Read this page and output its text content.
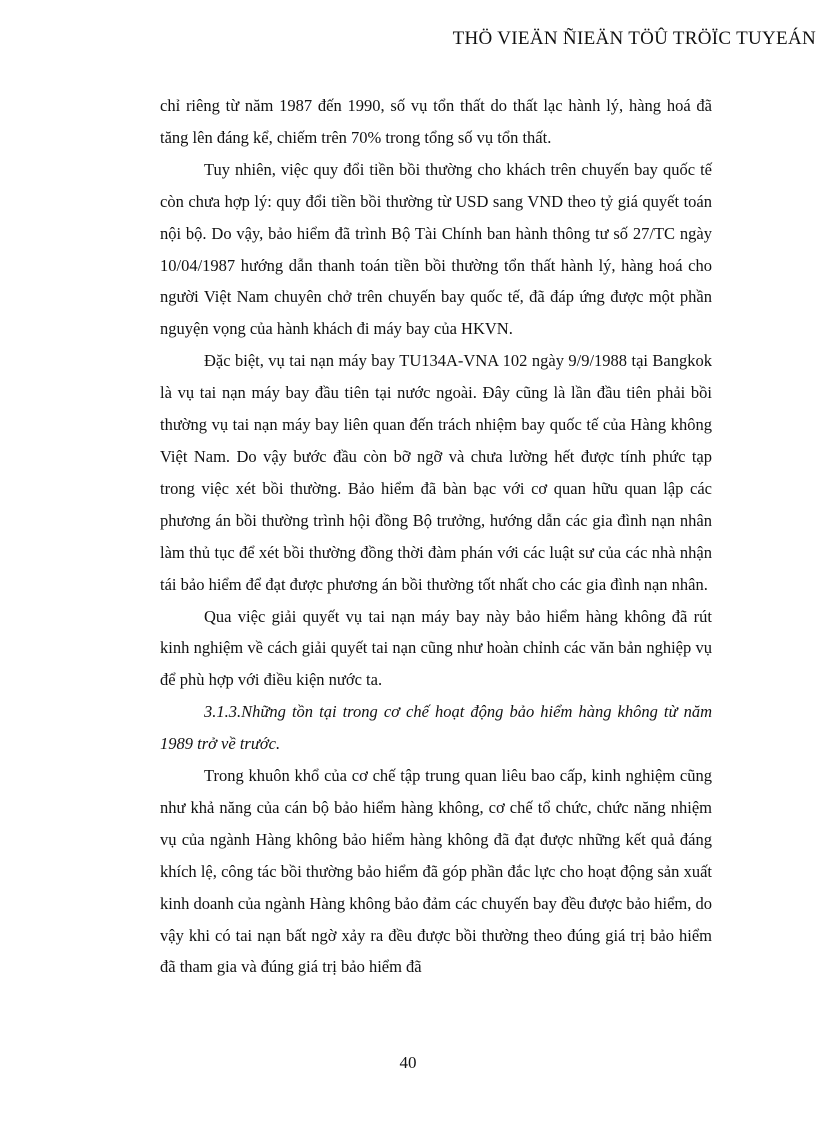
THÖ VIEÄN ÑIEÄN TÖÛ TRÖÏC TUYEÁN

chỉ riêng từ năm 1987 đến 1990, số vụ tổn thất do thất lạc hành lý, hàng hoá đã tăng lên đáng kể, chiếm trên 70% trong tổng số vụ tổn thất.

Tuy nhiên, việc quy đổi tiền bồi thường cho khách trên chuyến bay quốc tế còn chưa hợp lý: quy đổi tiền bồi thường từ USD sang VND theo tỷ giá quyết toán nội bộ. Do vậy, bảo hiểm đã trình Bộ Tài Chính ban hành thông tư số 27/TC ngày 10/04/1987 hướng dẫn thanh toán tiền bồi thường tổn thất hành lý, hàng hoá cho người Việt Nam chuyên chở trên chuyến bay quốc tế, đã đáp ứng được một phần nguyện vọng của hành khách đi máy bay của HKVN.

Đặc biệt, vụ tai nạn máy bay TU134A-VNA 102 ngày 9/9/1988 tại Bangkok là vụ tai nạn máy bay đầu tiên tại nước ngoài. Đây cũng là lần đầu tiên phải bồi thường vụ tai nạn máy bay liên quan đến trách nhiệm bay quốc tế của Hàng không Việt Nam. Do vậy bước đầu còn bỡ ngỡ và chưa lường hết được tính phức tạp trong việc xét bồi thường. Bảo hiểm đã bàn bạc với cơ quan hữu quan lập các phương án bồi thường trình hội đồng Bộ trưởng, hướng dẫn các gia đình nạn nhân làm thủ tục để xét bồi thường đồng thời đàm phán với các luật sư của các nhà nhận tái bảo hiểm để đạt được phương án bồi thường tốt nhất cho các gia đình nạn nhân.

Qua việc giải quyết vụ tai nạn máy bay này bảo hiểm hàng không đã rút kinh nghiệm về cách giải quyết tai nạn cũng như hoàn chỉnh các văn bản nghiệp vụ để phù hợp với điều kiện nước ta.

3.1.3.Những tồn tại trong cơ chế hoạt động bảo hiểm hàng không từ năm 1989 trở về trước.

Trong khuôn khổ của cơ chế tập trung quan liêu bao cấp, kinh nghiệm cũng như khả năng của cán bộ bảo hiểm hàng không, cơ chế tổ chức, chức năng nhiệm vụ của ngành Hàng không bảo hiểm hàng không đã đạt được những kết quả đáng khích lệ, công tác bồi thường bảo hiểm đã góp phần đắc lực cho hoạt động sản xuất kinh doanh của ngành Hàng không bảo đảm các chuyến bay đều được bảo hiểm, do vậy khi có tai nạn bất ngờ xảy ra đều được bồi thường theo đúng giá trị bảo hiểm đã tham gia và đúng giá trị bảo hiểm đã

40
